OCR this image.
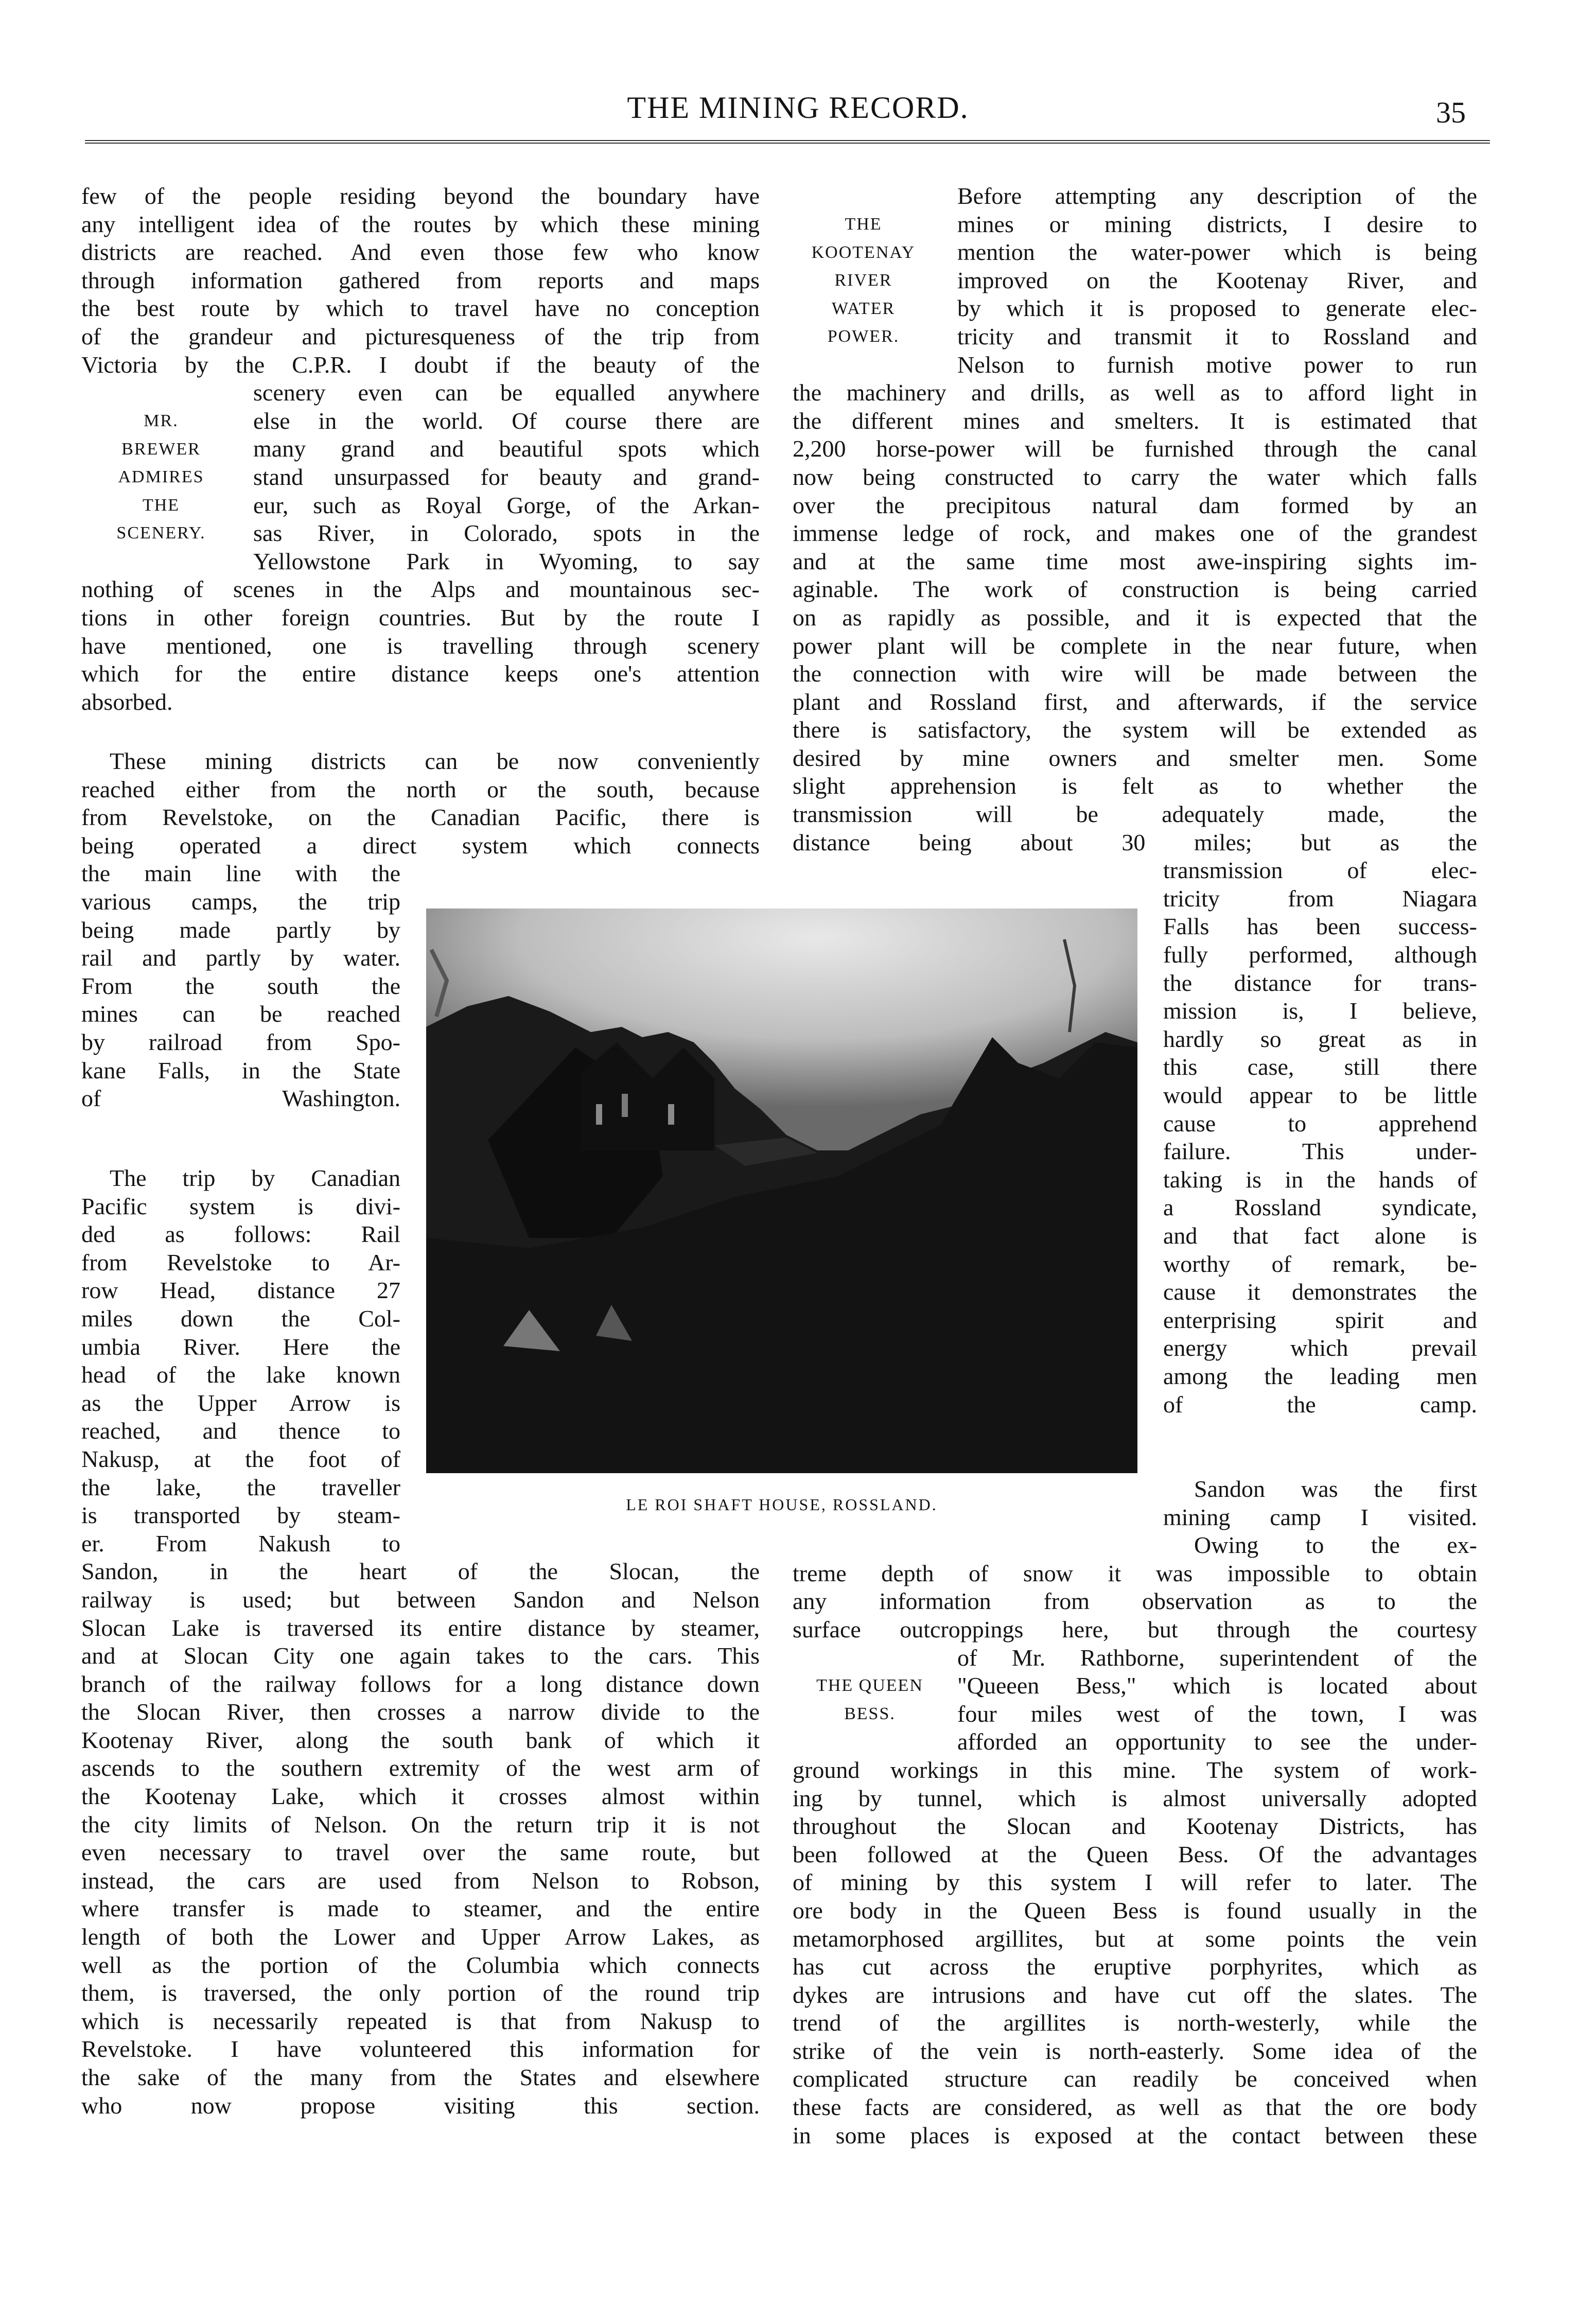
THE MINING RECORD.	35
few of the people residing beyond the boundary have
any intelligent idea of the routes by which these mining
districts are reached. And even those few who know
through information gathered from reports and maps
the best route by which to travel have no conception
of the grandeur and picturesqueness of the trip from
Victoria by the C.P.R. I doubt if the beauty of the
scenery even can be equalled anywhere
else in the world. Of course there are
many grand and beautiful spots which
stand unsurpassed for beauty and grand-
eur, such as Royal Gorge, of the Arkan-
sas River, in Colorado, spots in the
Yellowstone Park in Wyoming, to say
nothing of scenes in the Alps and mountainous sec-
tions in other foreign countries. But by the route I
have mentioned, one is travelling through scenery
which for the entire distance keeps one's attention
absorbed.
MR.
BREWER
ADMIRES
THE
SCENERY.
These mining districts can be now conveniently
reached either from the north or the south, because
from Revelstoke, on the Canadian Pacific, there is
being operated a direct system which connects
the main line with the
various camps, the trip
being made partly by
rail and partly by water.
From the south the
mines can be reached
by railroad from Spo-
kane Falls, in the State
of Washington.
The trip by Canadian
Pacific system is divi-
ded as follows: Rail
from Revelstoke to Ar-
row Head, distance 27
miles down the Col-
umbia River. Here the
head of the lake known
as the Upper Arrow is
reached, and thence to
Nakusp, at the foot of
the lake, the traveller
is transported by steam-
er. From Nakush to
Sandon, in the heart of the Slocan, the
railway is used; but between Sandon and Nelson
Slocan Lake is traversed its entire distance by steamer,
and at Slocan City one again takes to the cars. This
branch of the railway follows for a long distance down
the Slocan River, then crosses a narrow divide to the
Kootenay River, along the south bank of which it
ascends to the southern extremity of the west arm of
the Kootenay Lake, which it crosses almost within
the city limits of Nelson. On the return trip it is not
even necessary to travel over the same route, but
instead, the cars are used from Nelson to Robson,
where transfer is made to steamer, and the entire
length of both the Lower and Upper Arrow Lakes, as
well as the portion of the Columbia which connects
them, is traversed, the only portion of the round trip
which is necessarily repeated is that from Nakusp to
Revelstoke. I have volunteered this information for
the sake of the many from the States and elsewhere
who now propose visiting this section.
THE
KOOTENAY
RIVER
WATER
POWER.
Before attempting any description of the
mines or mining districts, I desire to
mention the water-power which is being
improved on the Kootenay River, and
by which it is proposed to generate elec-
tricity and transmit it to Rossland and
Nelson to furnish motive power to run
the machinery and drills, as well as to afford light in
the different mines and smelters. It is estimated that
2,200 horse-power will be furnished through the canal
now being constructed to carry the water which falls
over the precipitous natural dam formed by an
immense ledge of rock, and makes one of the grandest
and at the same time most awe-inspiring sights im-
aginable. The work of construction is being carried
on as rapidly as possible, and it is expected that the
power plant will be complete in the near future, when
the connection with wire will be made between the
plant and Rossland first, and afterwards, if the service
there is satisfactory, the system will be extended as
desired by mine owners and smelter men. Some
slight apprehension is felt as to whether the
transmission will be adequately made, the
distance being about 30 miles; but as the
transmission of elec-
tricity from Niagara
Falls has been success-
fully performed, although
the distance for trans-
mission is, I believe,
hardly so great as in
this case, still there
would appear to be little
cause to apprehend
failure. This under-
taking is in the hands of
a Rossland syndicate,
and that fact alone is
worthy of remark, be-
cause it demonstrates the
enterprising spirit and
energy which prevail
among the leading men
of the camp.
Sandon was the first
mining camp I visited.
Owing to the ex-
treme depth of snow it was impossible to obtain
any information from observation as to the
surface outcroppings here, but through the courtesy
of Mr. Rathborne, superintendent of the
"Queeen Bess," which is located about
four miles west of the town, I was
afforded an opportunity to see the under-
ground workings in this mine. The system of work-
ing by tunnel, which is almost universally adopted
throughout the Slocan and Kootenay Districts, has
been followed at the Queen Bess. Of the advantages
of mining by this system I will refer to later. The
ore body in the Queen Bess is found usually in the
metamorphosed argillites, but at some points the vein
has cut across the eruptive porphyrites, which as
dykes are intrusions and have cut off the slates. The
trend of the argillites is north-westerly, while the
strike of the vein is north-easterly. Some idea of the
complicated structure can readily be conceived when
these facts are considered, as well as that the ore body
in some places is exposed at the contact between these
THE QUEEN
BESS.
LE ROI SHAFT HOUSE, ROSSLAND.
